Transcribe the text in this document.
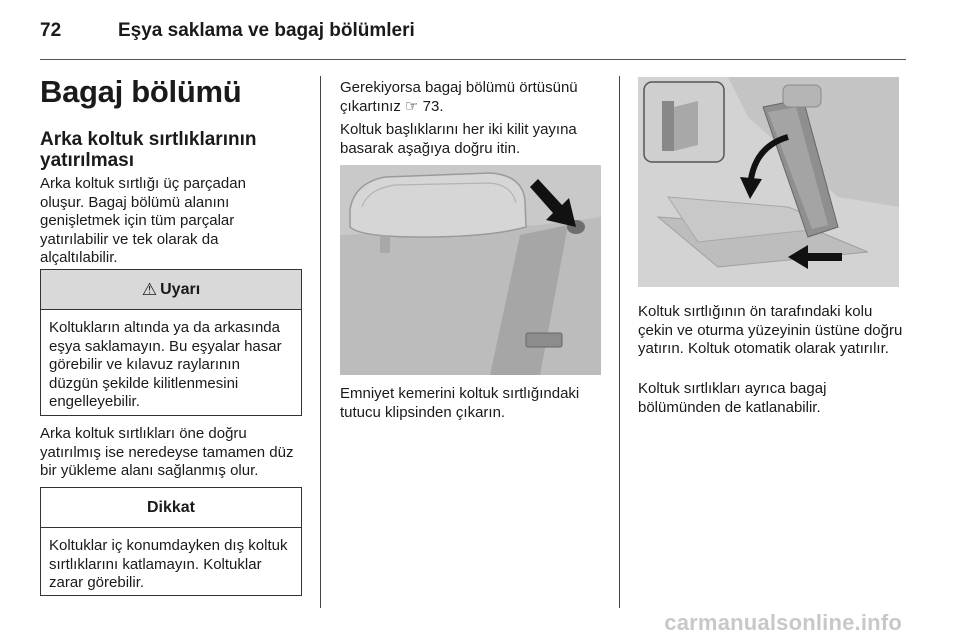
72	Eşya saklama ve bagaj bölümleri
Bagaj bölümü
Arka koltuk sırtlıklarının yatırılması
Arka koltuk sırtlığı üç parçadan oluşur. Bagaj bölümü alanını genişletmek için tüm parçalar yatırılabilir ve tek olarak da alçaltılabilir.
⚠ Uyarı
Koltukların altında ya da arkasında eşya saklamayın. Bu eşyalar hasar görebilir ve kılavuz raylarının düzgün şekilde kilitlenmesini engelleyebilir.
Arka koltuk sırtlıkları öne doğru yatırılmış ise neredeyse tamamen düz bir yükleme alanı sağlanmış olur.
Dikkat
Koltuklar iç konumdayken dış koltuk sırtlıklarını katlamayın. Koltuklar zarar görebilir.
Gerekiyorsa bagaj bölümü örtüsünü çıkartınız ☞ 73.
Koltuk başlıklarını her iki kilit yayına basarak aşağıya doğru itin.
Emniyet kemerini koltuk sırtlığındaki tutucu klipsinden çıkarın.
Koltuk sırtlığının ön tarafındaki kolu çekin ve oturma yüzeyinin üstüne doğru yatırın. Koltuk otomatik olarak yatırılır.
Koltuk sırtlıkları ayrıca bagaj bölümünden de katlanabilir.
carmanualsonline.info
